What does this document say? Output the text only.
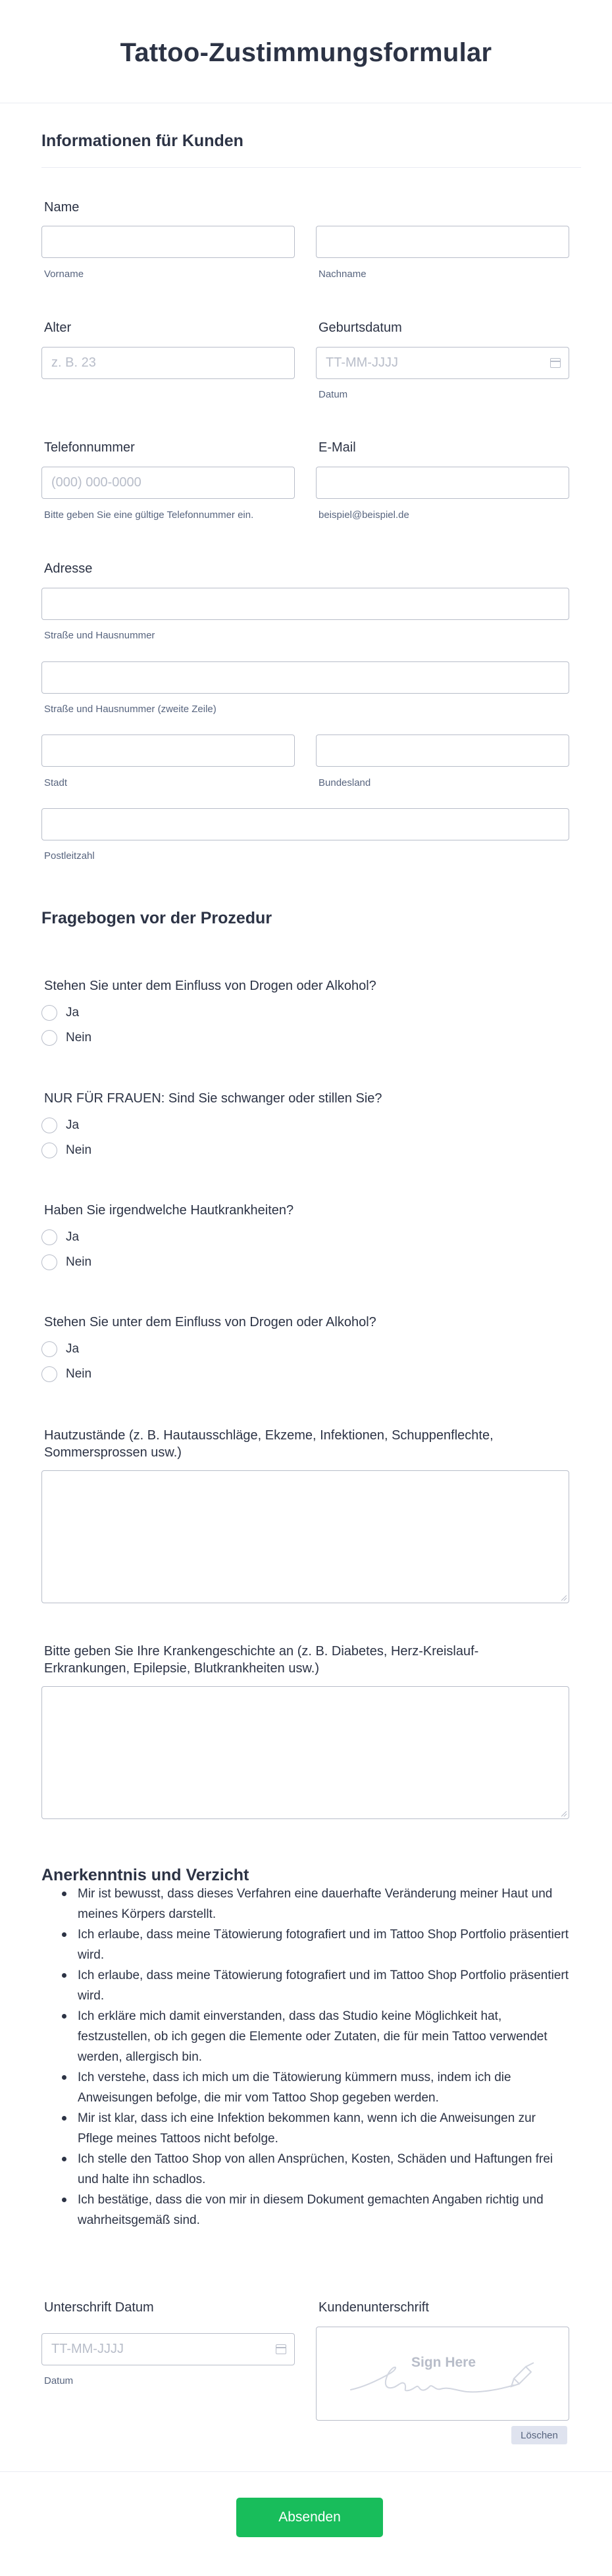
Tattoo-Zustimmungsformular
Informationen für Kunden
Name
Vorname	Nachname
Alter
z. B. 23
Geburtsdatum
TT-MM-JJJJ
Datum
Telefonnummer
(000) 000-0000
Bitte geben Sie eine gültige Telefonnummer ein.
E-Mail
beispiel@beispiel.de
Adresse
Straße und Hausnummer
Straße und Hausnummer (zweite Zeile)
Stadt	Bundesland
Postleitzahl
Fragebogen vor der Prozedur
Stehen Sie unter dem Einfluss von Drogen oder Alkohol?
Ja
Nein
NUR FÜR FRAUEN: Sind Sie schwanger oder stillen Sie?
Ja
Nein
Haben Sie irgendwelche Hautkrankheiten?
Ja
Nein
Stehen Sie unter dem Einfluss von Drogen oder Alkohol?
Ja
Nein
Hautzustände (z. B. Hautausschläge, Ekzeme, Infektionen, Schuppenflechte,
Sommersprossen usw.)
Bitte geben Sie Ihre Krankengeschichte an (z. B. Diabetes, Herz-Kreislauf-
Erkrankungen, Epilepsie, Blutkrankheiten usw.)
Anerkenntnis und Verzicht
Mir ist bewusst, dass dieses Verfahren eine dauerhafte Veränderung meiner Haut und meines Körpers darstellt.
Ich erlaube, dass meine Tätowierung fotografiert und im Tattoo Shop Portfolio präsentiert wird.
Ich erlaube, dass meine Tätowierung fotografiert und im Tattoo Shop Portfolio präsentiert wird.
Ich erkläre mich damit einverstanden, dass das Studio keine Möglichkeit hat, festzustellen, ob ich gegen die Elemente oder Zutaten, die für mein Tattoo verwendet werden, allergisch bin.
Ich verstehe, dass ich mich um die Tätowierung kümmern muss, indem ich die Anweisungen befolge, die mir vom Tattoo Shop gegeben werden.
Mir ist klar, dass ich eine Infektion bekommen kann, wenn ich die Anweisungen zur Pflege meines Tattoos nicht befolge.
Ich stelle den Tattoo Shop von allen Ansprüchen, Kosten, Schäden und Haftungen frei und halte ihn schadlos.
Ich bestätige, dass die von mir in diesem Dokument gemachten Angaben richtig und wahrheitsgemäß sind.
Unterschrift Datum
TT-MM-JJJJ
Datum
Kundenunterschrift
Sign Here
Löschen
Absenden
